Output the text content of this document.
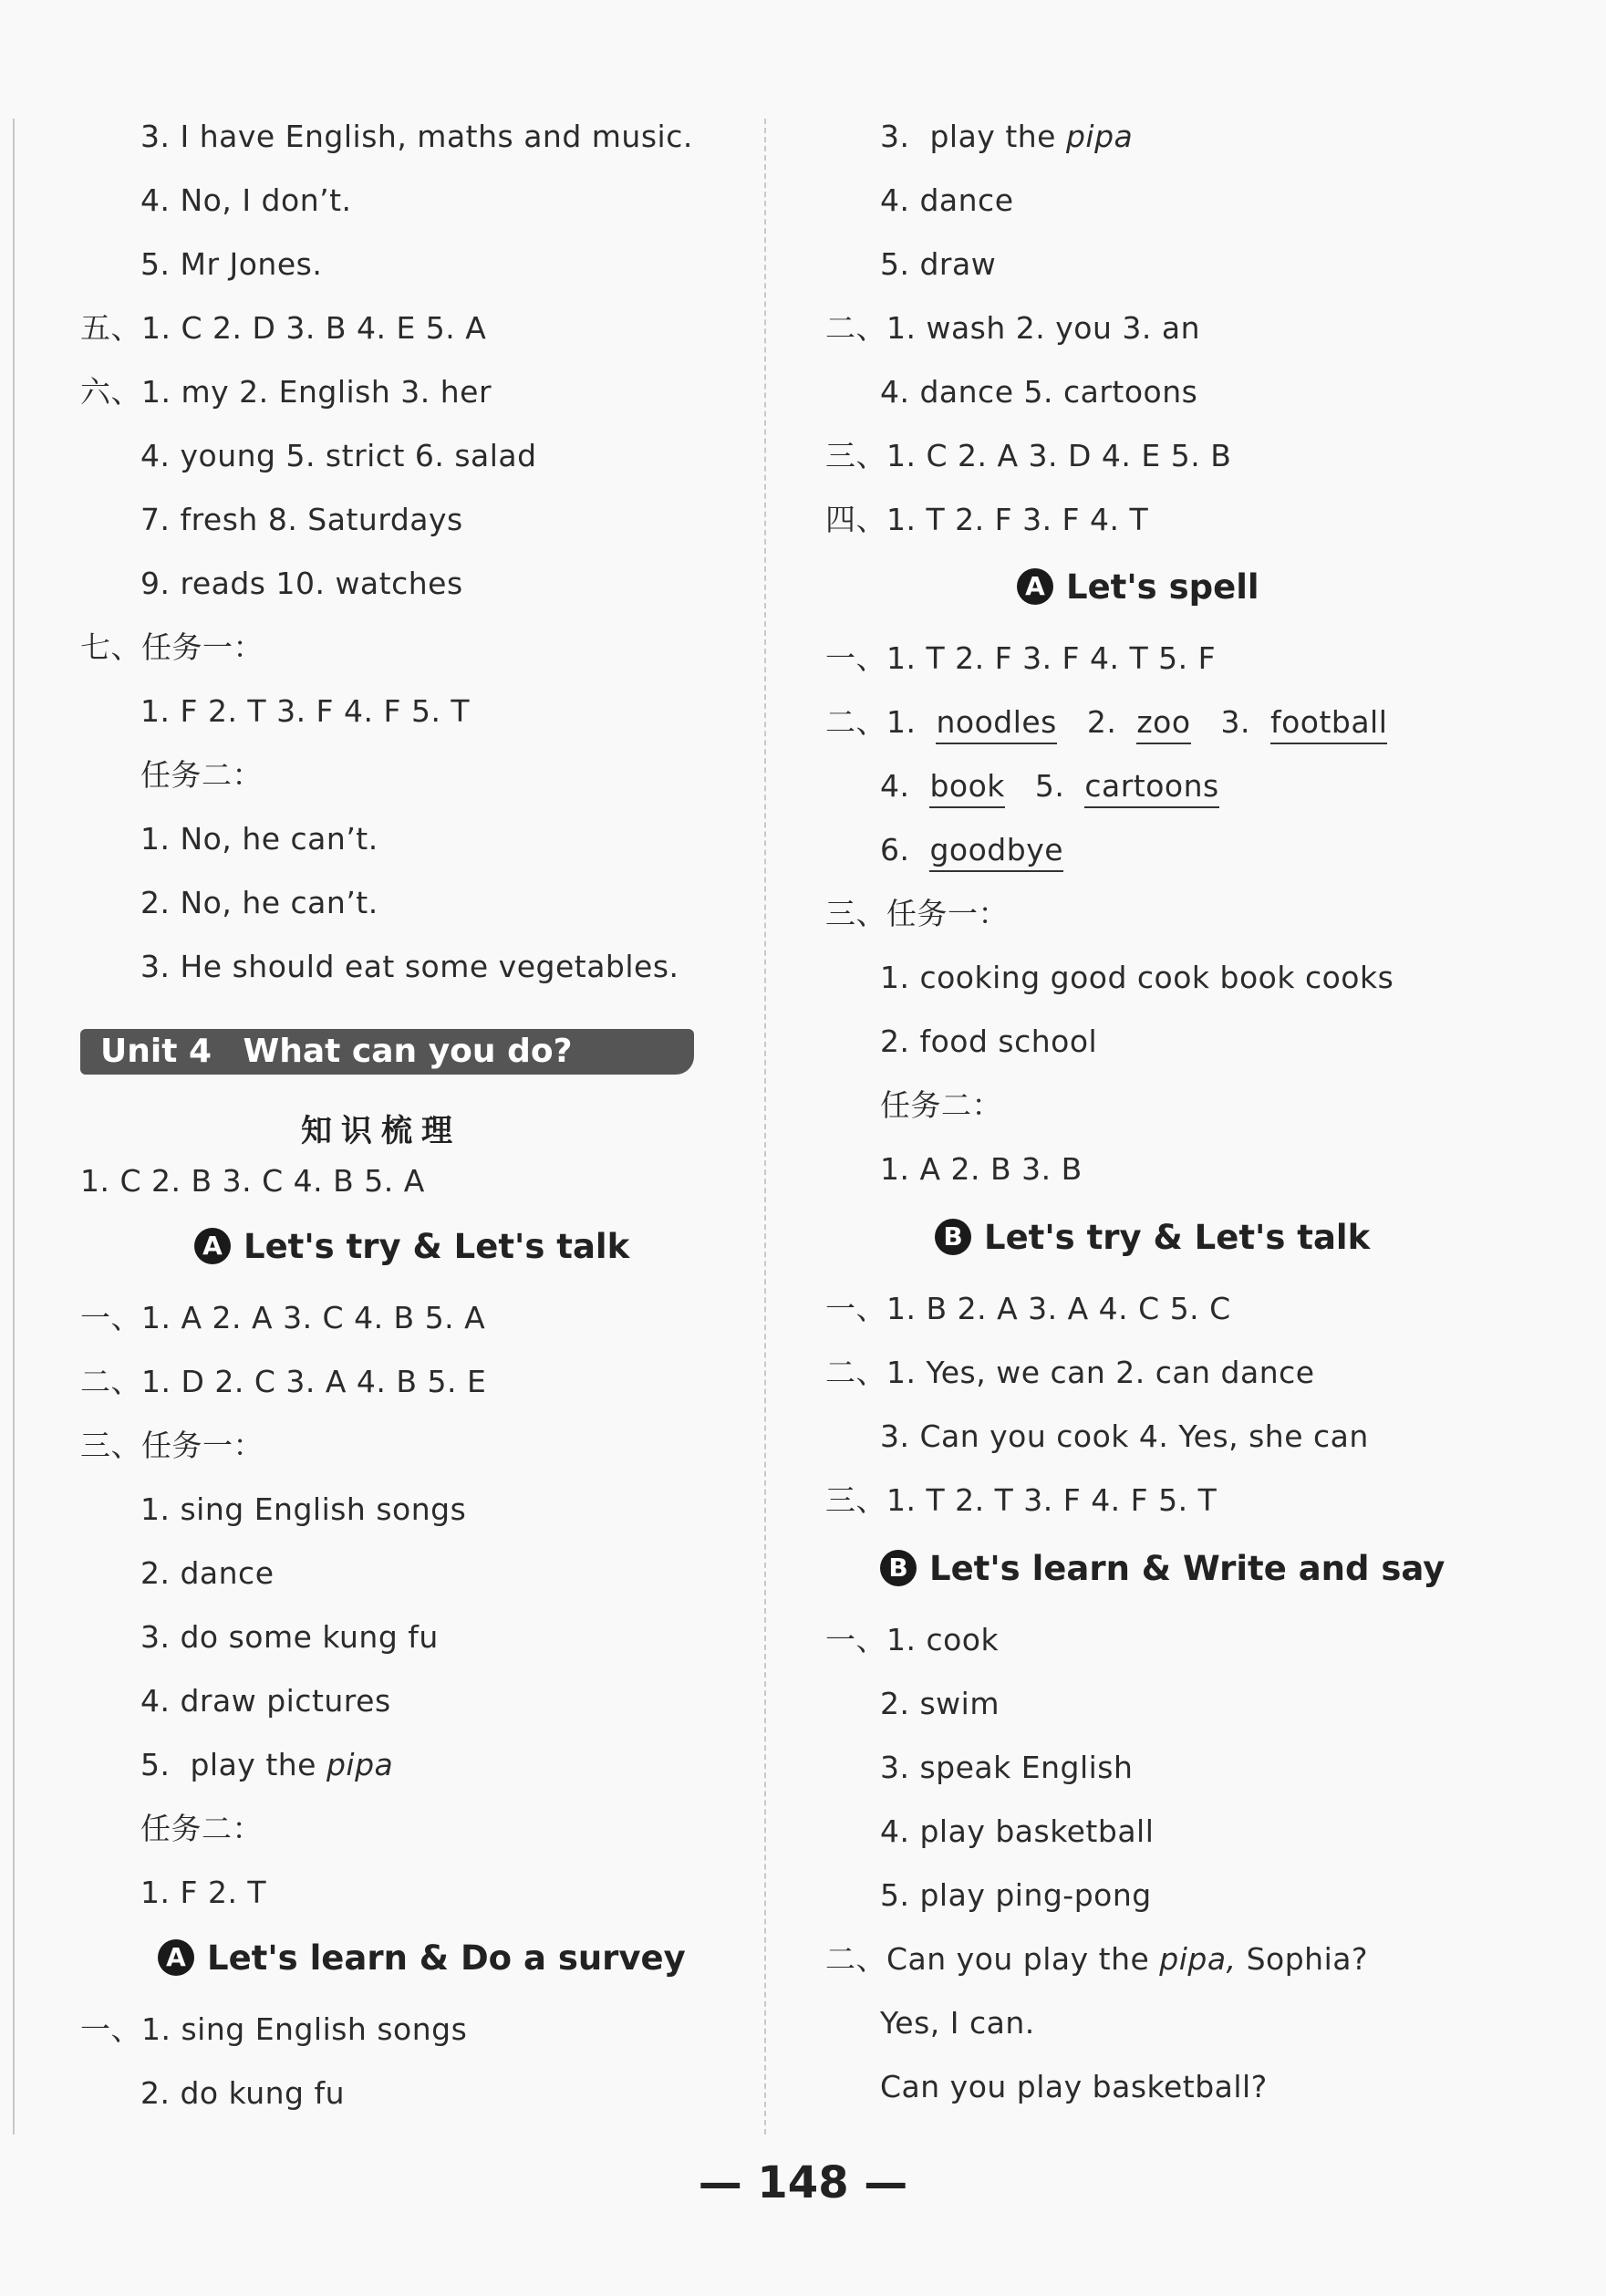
3. I have English, maths and music.
4. No, I don’t.
5. Mr Jones.
五、1. C 2. D 3. B 4. E 5. A
六、1. my 2. English 3. her
4. young 5. strict 6. salad
7. fresh 8. Saturdays
9. reads 10. watches
七、任务一：
1. F 2. T 3. F 4. F 5. T
任务二：
1. No, he can’t.
2. No, he can’t.
3. He should eat some vegetables.
Unit 4 What can you do?
知识梳理
1. C 2. B 3. C 4. B 5. A
A Let's try & Let's talk
一、1. A 2. A 3. C 4. B 5. A
二、1. D 2. C 3. A 4. B 5. E
三、任务一：
1. sing English songs
2. dance
3. do some kung fu
4. draw pictures
5.  play the pipa
任务二：
1. F 2. T
A Let's learn & Do a survey
一、1. sing English songs
2. do kung fu
3.  play the pipa
4. dance
5. draw
二、1. wash 2. you 3. an
4. dance 5. cartoons
三、1. C 2. A 3. D 4. E 5. B
四、1. T 2. F 3. F 4. T
A Let's spell
一、1. T 2. F 3. F 4. T 5. F
二、1.  noodles   2.  zoo   3.  football
4.  book   5.  cartoons
6.  goodbye
三、任务一：
1. cooking good cook book cooks
2. food school
任务二：
1. A 2. B 3. B
B Let's try & Let's talk
一、1. B 2. A 3. A 4. C 5. C
二、1. Yes, we can 2. can dance
3. Can you cook 4. Yes, she can
三、1. T 2. T 3. F 4. F 5. T
B Let's learn & Write and say
一、1. cook
2. swim
3. speak English
4. play basketball
5. play ping-pong
二、Can you play the pipa, Sophia?
Yes, I can.
Can you play basketball?
— 148 —
